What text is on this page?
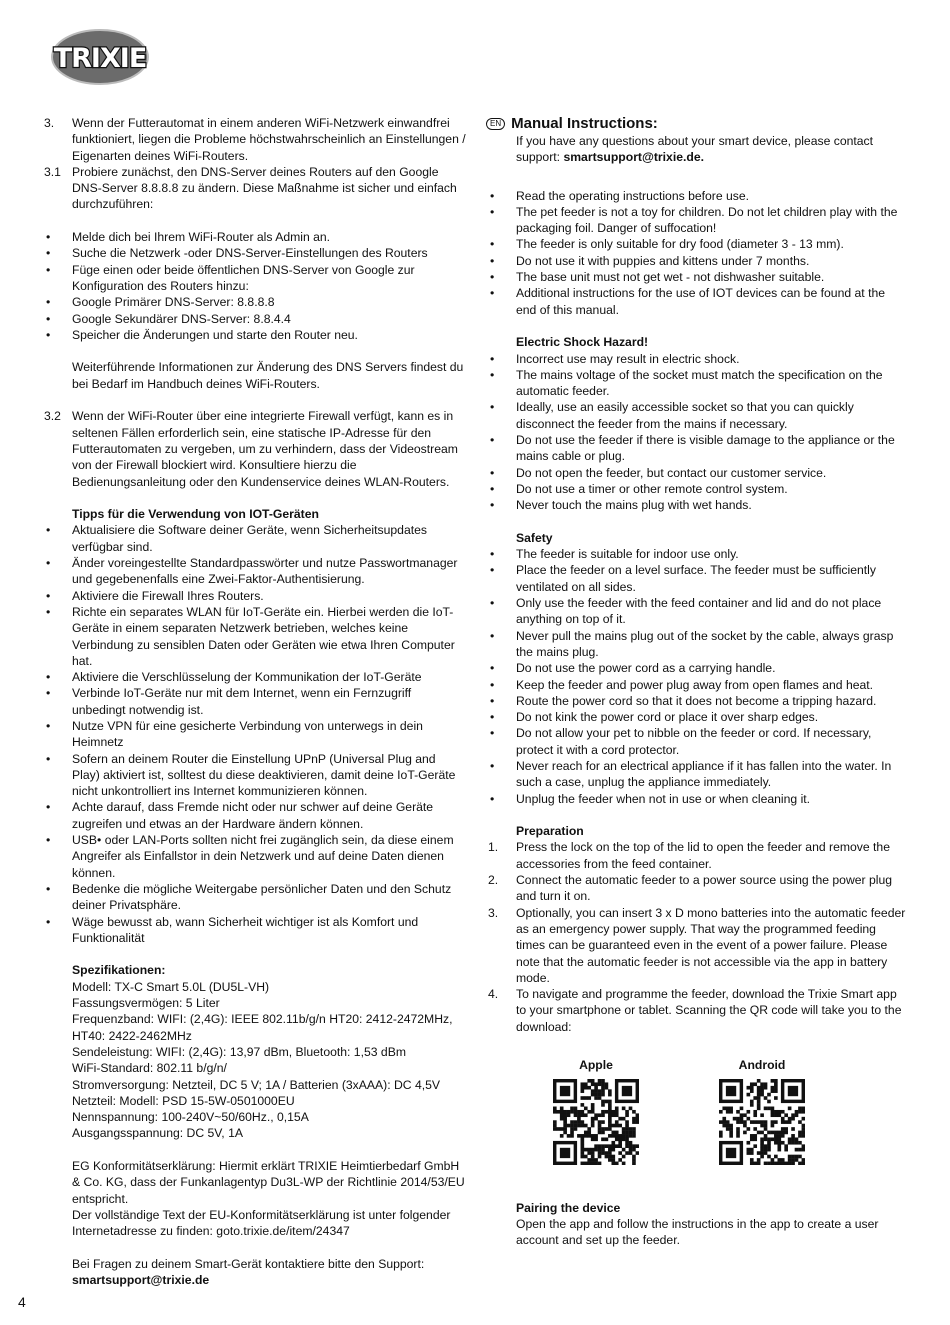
TRIXIE
3.	Wenn der Futterautomat in einem anderen WiFi-Netzwerk einwandfrei funktioniert, liegen die Probleme höchstwahrscheinlich an Einstellungen / Eigenarten deines WiFi-Routers.
3.1 Probiere zunächst, den DNS-Server deines Routers auf den Google DNS-Server 8.8.8.8 zu ändern. Diese Maßnahme ist sicher und einfach durchzuführen:
•	Melde dich bei Ihrem WiFi-Router als Admin an.
•	Suche die Netzwerk -oder DNS-Server-Einstellungen des Routers
•	Füge einen oder beide öffentlichen DNS-Server von Google zur Konfiguration des Routers hinzu:
•	Google Primärer DNS-Server: 8.8.8.8
•	Google Sekundärer DNS-Server: 8.8.4.4
•	Speicher die Änderungen und starte den Router neu.
Weiterführende Informationen zur Änderung des DNS Servers findest du bei Bedarf im Handbuch deines WiFi-Routers.
3.2 Wenn der WiFi-Router über eine integrierte Firewall verfügt, kann es in seltenen Fällen erforderlich sein, eine statische IP-Adresse für den Futterautomaten zu vergeben, um zu verhindern, dass der Videostream von der Firewall blockiert wird. Konsultiere hierzu die Bedienungsanleitung oder den Kundenservice deines WLAN-Routers.
Tipps für die Verwendung von IOT-Geräten
•	Aktualisiere die Software deiner Geräte, wenn Sicherheitsupdates verfügbar sind.
•	Änder voreingestellte Standardpasswörter und nutze Passwortmanager und gegebenenfalls eine Zwei-Faktor-Authentisierung.
•	Aktiviere die Firewall Ihres Routers.
•	Richte ein separates WLAN für IoT-Geräte ein. Hierbei werden die IoT-Geräte in einem separaten Netzwerk betrieben, welches keine Verbindung zu sensiblen Daten oder Geräten wie etwa Ihren Computer hat.
•	Aktiviere die Verschlüsselung der Kommunikation der IoT-Geräte
•	Verbinde IoT-Geräte nur mit dem Internet, wenn ein Fernzugriff unbedingt notwendig ist.
•	Nutze VPN für eine gesicherte Verbindung von unterwegs in dein Heimnetz
•	Sofern an deinem Router die Einstellung UPnP (Universal Plug and Play) aktiviert ist, solltest du diese deaktivieren, damit deine IoT-Geräte nicht unkontrolliert ins Internet kommunizieren können.
•	Achte darauf, dass Fremde nicht oder nur schwer auf deine Geräte zugreifen und etwas an der Hardware ändern können.
•	USB• oder LAN-Ports sollten nicht frei zugänglich sein, da diese einem Angreifer als Einfallstor in dein Netzwerk und auf deine Daten dienen können.
•	Bedenke die mögliche Weitergabe persönlicher Daten und den Schutz deiner Privatsphäre.
•	Wäge bewusst ab, wann Sicherheit wichtiger ist als Komfort und Funktionalität
Spezifikationen:
Modell: TX-C Smart 5.0L (DU5L-VH)
Fassungsvermögen: 5 Liter
Frequenzband: WIFI: (2,4G): IEEE 802.11b/g/n HT20: 2412-2472MHz, HT40: 2422-2462MHz
Sendeleistung: WIFI: (2,4G): 13,97 dBm, Bluetooth: 1,53 dBm
WiFi-Standard: 802.11 b/g/n/
Stromversorgung: Netzteil, DC 5 V; 1A / Batterien (3xAAA): DC 4,5V
Netzteil: Modell: PSD 15-5W-0501000EU
Nennspannung: 100-240V~50/60Hz., 0,15A
Ausgangsspannung: DC 5V, 1A
EG Konformitätserklärung: Hiermit erklärt TRIXIE Heimtierbedarf GmbH & Co. KG, dass der Funkanlagentyp Du3L-WP der Richtlinie 2014/53/EU entspricht.
Der vollständige Text der EU-Konformitätserklärung ist unter folgender Internetadresse zu finden: goto.trixie.de/item/24347
Bei Fragen zu deinem Smart-Gerät kontaktiere bitte den Support: smartsupport@trixie.de
EN Manual Instructions:
If you have any questions about your smart device, please contact support: smartsupport@trixie.de.
•	Read the operating instructions before use.
•	The pet feeder is not a toy for children. Do not let children play with the packaging foil. Danger of suffocation!
•	The feeder is only suitable for dry food (diameter 3 - 13 mm).
•	Do not use it with puppies and kittens under 7 months.
•	The base unit must not get wet - not dishwasher suitable.
•	Additional instructions for the use of IOT devices can be found at the end of this manual.
Electric Shock Hazard!
•	Incorrect use may result in electric shock.
•	The mains voltage of the socket must match the specification on the automatic feeder.
•	Ideally, use an easily accessible socket so that you can quickly disconnect the feeder from the mains if necessary.
•	Do not use the feeder if there is visible damage to the appliance or the mains cable or plug.
•	Do not open the feeder, but contact our customer service.
•	Do not use a timer or other remote control system.
•	Never touch the mains plug with wet hands.
Safety
•	The feeder is suitable for indoor use only.
•	Place the feeder on a level surface. The feeder must be sufficiently ventilated on all sides.
•	Only use the feeder with the feed container and lid and do not place anything on top of it.
•	Never pull the mains plug out of the socket by the cable, always grasp the mains plug.
•	Do not use the power cord as a carrying handle.
•	Keep the feeder and power plug away from open flames and heat.
•	Route the power cord so that it does not become a tripping hazard.
•	Do not kink the power cord or place it over sharp edges.
•	Do not allow your pet to nibble on the feeder or cord. If necessary, protect it with a cord protector.
•	Never reach for an electrical appliance if it has fallen into the water. In such a case, unplug the appliance immediately.
•	Unplug the feeder when not in use or when cleaning it.
Preparation
1.	Press the lock on the top of the lid to open the feeder and remove the accessories from the feed container.
2.	Connect the automatic feeder to a power source using the power plug and turn it on.
3.	Optionally, you can insert 3 x D mono batteries into the automatic feeder as an emergency power supply. That way the programmed feeding times can be guaranteed even in the event of a power failure. Please note that the automatic feeder is not accessible via the app in battery mode.
4.	To navigate and programme the feeder, download the Trixie Smart app to your smartphone or tablet. Scanning the QR code will take you to the download:
Apple	Android
Pairing the device
Open the app and follow the instructions in the app to create a user account and set up the feeder.
4
